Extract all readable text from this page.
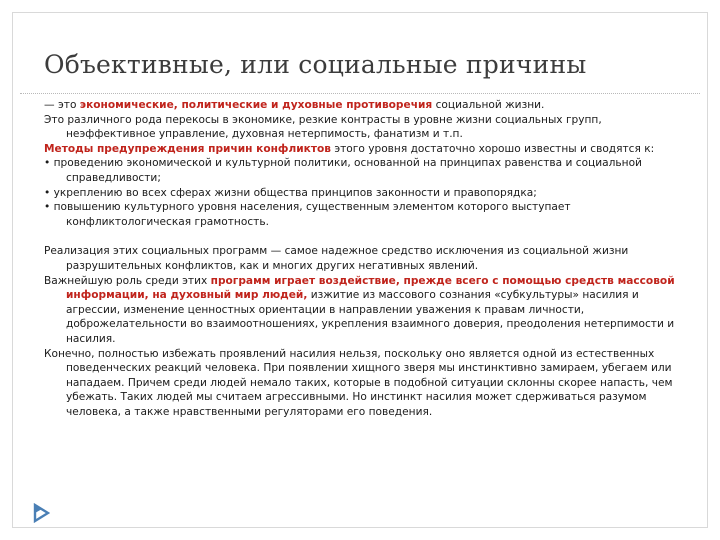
Объективные, или социальные причины

— это экономические, политические и духовные противоречия социальной жизни.

Это различного рода перекосы в экономике, резкие контрасты в уровне жизни социальных групп, неэффективное управление, духовная нетерпимость, фанатизм и т.п.

Методы предупреждения причин конфликтов этого уровня достаточно хорошо известны и сводятся к:

• проведению экономической и культурной политики, основанной на принципах равенства и социальной справедливости;

• укреплению во всех сферах жизни общества принципов законности и правопорядка;

• повышению культурного уровня населения, существенным элементом которого выступает конфликтологическая грамотность.

Реализация этих социальных программ — самое надежное средство исключения из социальной жизни разрушительных конфликтов, как и многих других негативных явлений.

Важнейшую роль среди этих программ играет воздействие, прежде всего с помощью средств массовой информации, на духовный мир людей, изжитие из массового сознания «субкультуры» насилия и агрессии, изменение ценностных ориентации в направлении уважения к правам личности, доброжелательности во взаимоотношениях, укрепления взаимного доверия, преодоления нетерпимости и насилия.

Конечно, полностью избежать проявлений насилия нельзя, поскольку оно является одной из естественных поведенческих реакций человека. При появлении хищного зверя мы инстинктивно замираем, убегаем или нападаем. Причем среди людей немало таких, которые в подобной ситуации склонны скорее напасть, чем убежать. Таких людей мы считаем агрессивными. Но инстинкт насилия может сдерживаться разумом человека, а также нравственными регуляторами его поведения.
